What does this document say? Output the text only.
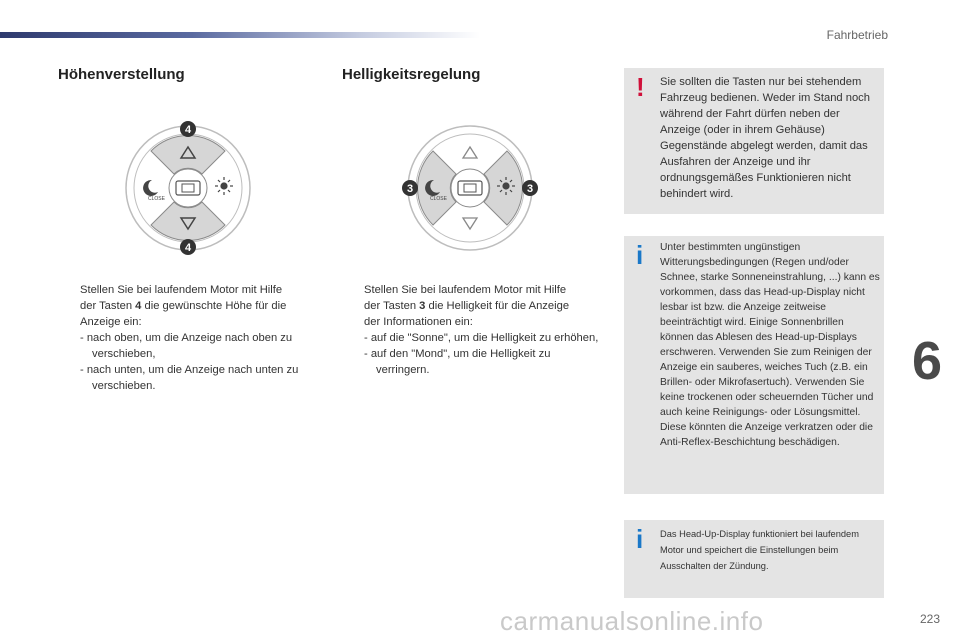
Fahrbetrieb
6
Höhenverstellung
CLOSE
4
4

Stellen Sie bei laufendem Motor mit Hilfe
der Tasten 4 die gewünschte Höhe für die
Anzeige ein:

- nach oben, um die Anzeige nach oben zu verschieben,

- nach unten, um die Anzeige nach unten zu verschieben.

Helligkeitsregelung
CLOSE
3	3

Stellen Sie bei laufendem Motor mit Hilfe
der Tasten 3 die Helligkeit für die Anzeige
der Informationen ein:

- auf die "Sonne", um die Helligkeit zu erhöhen,

- auf den "Mond", um die Helligkeit zu verringern.

! Sie sollten die Tasten nur bei stehendem Fahrzeug bedienen. Weder im Stand noch während der Fahrt dürfen neben der Anzeige (oder in ihrem Gehäuse) Gegenstände abgelegt werden, damit das Ausfahren der Anzeige und ihr ordnungsgemäßes Funktionieren nicht behindert wird.
i Unter bestimmten ungünstigen Witterungsbedingungen (Regen und/oder Schnee, starke Sonneneinstrahlung, ...) kann es vorkommen, dass das Head-up-Display nicht lesbar ist bzw. die Anzeige zeitweise beeinträchtigt wird. Einige Sonnenbrillen können das Ablesen des Head-up-Displays erschweren. Verwenden Sie zum Reinigen der Anzeige ein sauberes, weiches Tuch (z.B. ein Brillen- oder Mikrofasertuch). Verwenden Sie keine trockenen oder scheuernden Tücher und auch keine Reinigungs- oder Lösungsmittel. Diese könnten die Anzeige verkratzen oder die Anti-Reflex-Beschichtung beschädigen.
i Das Head-Up-Display funktioniert bei laufendem Motor und speichert die Einstellungen beim Ausschalten der Zündung.
223
carmanualsonline.info
